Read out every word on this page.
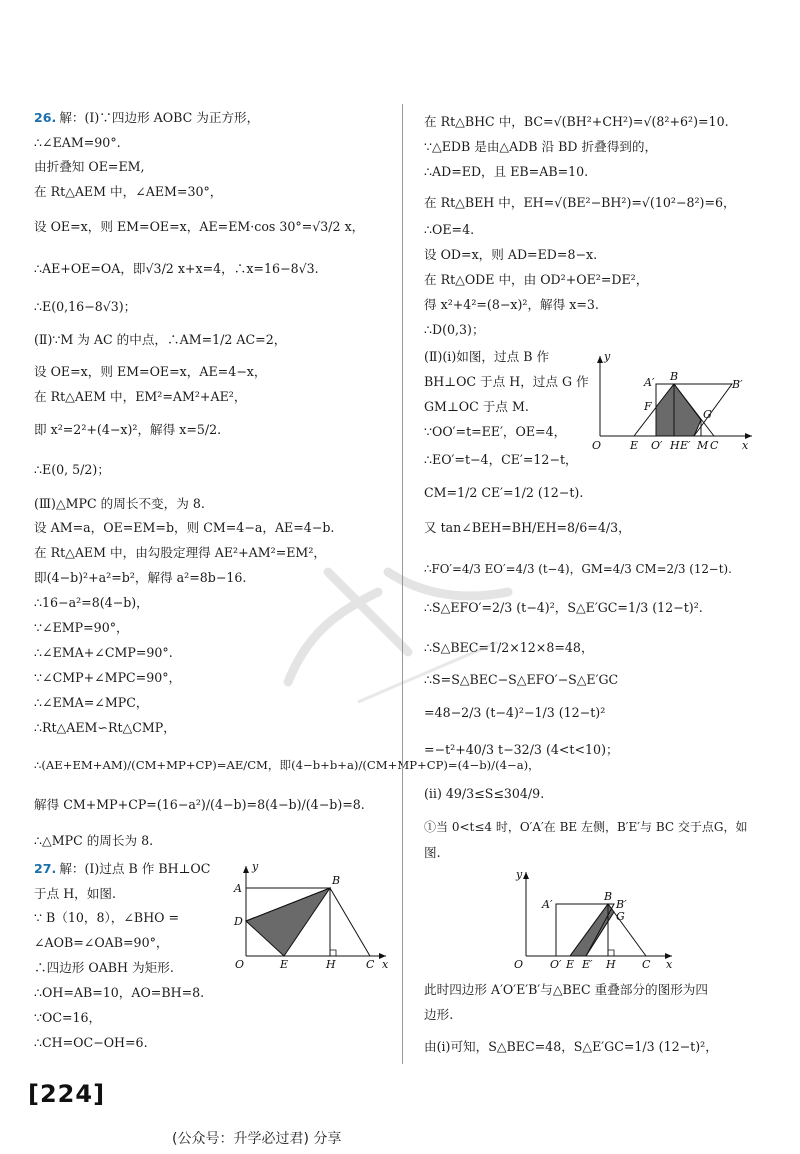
26. 解：(Ⅰ)∵四边形 AOBC 为正方形，
∴∠EAM=90°.
由折叠知 OE=EM,
在 Rt△AEM 中，∠AEM=30°，
设 OE=x，则 EM=OE=x，AE=EM·cos 30°=√3/2 x，
∴AE+OE=OA，即√3/2 x+x=4，∴x=16−8√3.
∴E(0,16−8√3)；
(Ⅱ)∵M 为 AC 的中点，∴AM=1/2 AC=2，
设 OE=x，则 EM=OE=x，AE=4−x，
在 Rt△AEM 中，EM²=AM²+AE²，
即 x²=2²+(4−x)²，解得 x=5/2.
∴E(0, 5/2)；
(Ⅲ)△MPC 的周长不变，为 8.
设 AM=a，OE=EM=b，则 CM=4−a，AE=4−b.
在 Rt△AEM 中，由勾股定理得 AE²+AM²=EM²，
即(4−b)²+a²=b²，解得 a²=8b−16.
∴16−a²=8(4−b)，
∵∠EMP=90°，
∴∠EMA+∠CMP=90°.
∵∠CMP+∠MPC=90°，
∴∠EMA=∠MPC，
∴Rt△AEM∽Rt△CMP，
∴(AE+EM+AM)/(CM+MP+CP)=AE/CM，即(4−b+b+a)/(CM+MP+CP)=(4−b)/(4−a)，
解得 CM+MP+CP=(16−a²)/(4−b)=8(4−b)/(4−b)=8.
∴△MPC 的周长为 8.
27. 解：(Ⅰ)过点 B 作 BH⊥OC
于点 H，如图.
∵ B（10，8），∠BHO =
∠AOB=∠OAB=90°，
∴四边形 OABH 为矩形.
∴OH=AB=10，AO=BH=8.
∵OC=16，
∴CH=OC−OH=6.
y
A
B
D
O	E	H	C x
在 Rt△BHC 中，BC=√(BH²+CH²)=√(8²+6²)=10.
∵△EDB 是由△ADB 沿 BD 折叠得到的，
∴AD=ED，且 EB=AB=10.
在 Rt△BEH 中，EH=√(BE²−BH²)=√(10²−8²)=6，
∴OE=4.
设 OD=x，则 AD=ED=8−x.
在 Rt△ODE 中，由 OD²+OE²=DE²，
得 x²+4²=(8−x)²，解得 x=3.
∴D(0,3)；
(Ⅱ)(ⅰ)如图，过点 B 作
BH⊥OC 于点 H，过点 G 作
GM⊥OC 于点 M.
∵OO′=t=EE′，OE=4，
∴EO′=t−4，CE′=12−t，
CM=1/2 CE′=1/2 (12−t).
又 tan∠BEH=BH/EH=8/6=4/3，
∴FO′=4/3 EO′=4/3 (t−4)，GM=4/3 CM=2/3 (12−t).
∴S△EFO′=2/3 (t−4)²，S△E′GC=1/3 (12−t)².
∴S△BEC=1/2×12×8=48，
∴S=S△BEC−S△EFO′−S△E′GC
=48−2/3 (t−4)²−1/3 (12−t)²
=−t²+40/3 t−32/3 (4<t<10)；
(ⅱ) 49/3≤S≤304/9.
①当 0<t≤4 时，O′A′在 BE 左侧，B′E′与 BC 交于点G，如
图.
此时四边形 A′O′E′B′与△BEC 重叠部分的图形为四
边形.
由(ⅰ)可知，S△BEC=48，S△E′GC=1/3 (12−t)²，
y
A′ B
B′
F
G
O	E O′ H E′ M C x
y
A′
B
B′
G
O O′ E E′ H C x
[224]
(公众号：升学必过君) 分享
